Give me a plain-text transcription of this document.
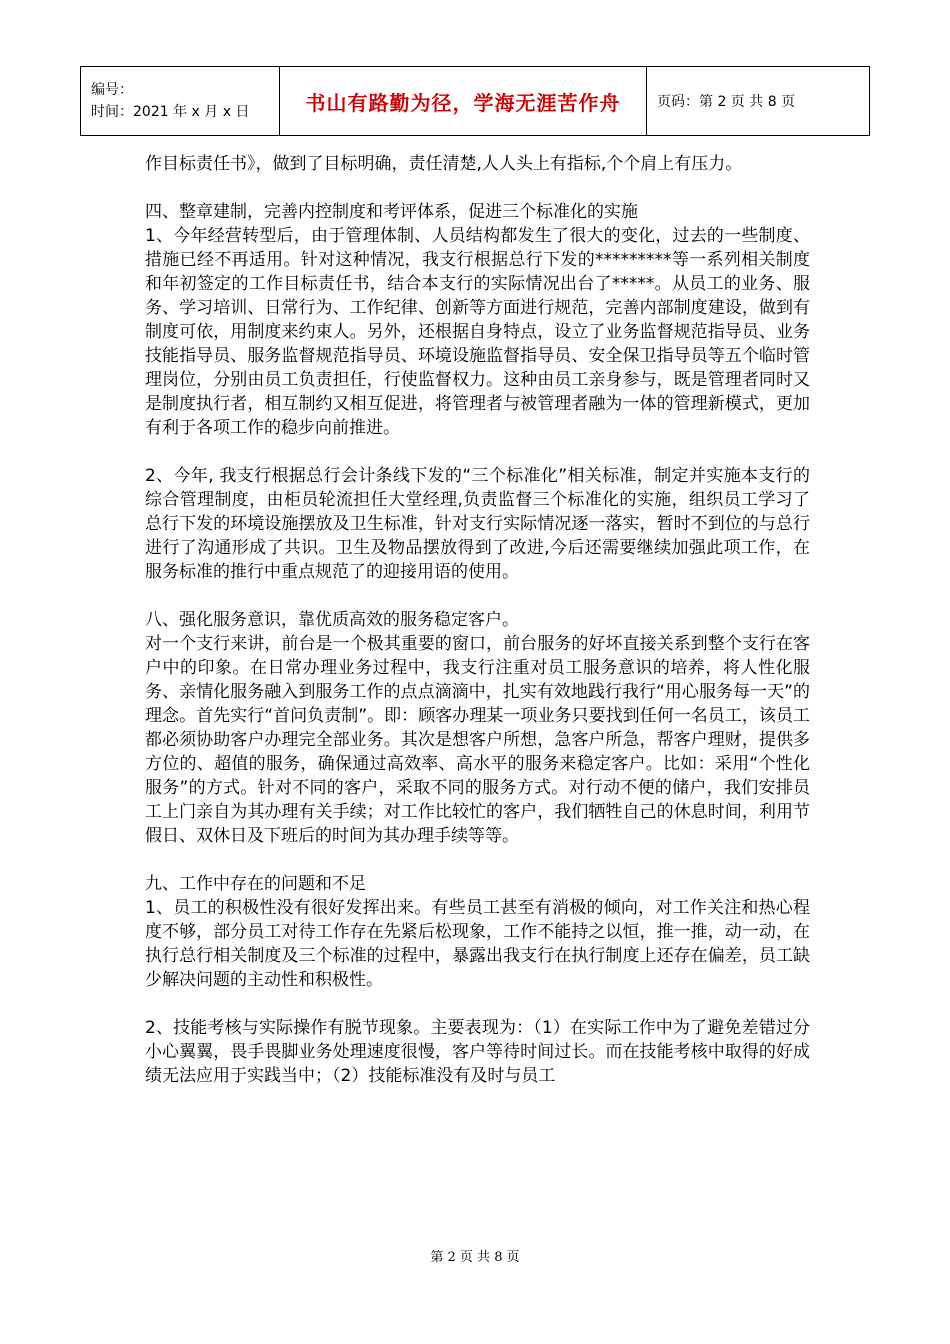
编号：
时间：2021 年 x 月 x 日	书山有路勤为径，学海无涯苦作舟	页码：第 2 页 共 8 页

作目标责任书》，做到了目标明确，责任清楚,人人头上有指标,个个肩上有压力。

四、整章建制，完善内控制度和考评体系，促进三个标准化的实施

1、今年经营转型后，由于管理体制、人员结构都发生了很大的变化，过去的一些制度、措施已经不再适用。针对这种情况，我支行根据总行下发的*********等一系列相关制度和年初签定的工作目标责任书，结合本支行的实际情况出台了*****。从员工的业务、服务、学习培训、日常行为、工作纪律、创新等方面进行规范，完善内部制度建设，做到有制度可依，用制度来约束人。另外，还根据自身特点，设立了业务监督规范指导员、业务技能指导员、服务监督规范指导员、环境设施监督指导员、安全保卫指导员等五个临时管理岗位，分别由员工负责担任，行使监督权力。这种由员工亲身参与，既是管理者同时又是制度执行者，相互制约又相互促进，将管理者与被管理者融为一体的管理新模式，更加有利于各项工作的稳步向前推进。

2、今年, 我支行根据总行会计条线下发的“三个标准化”相关标准，制定并实施本支行的综合管理制度，由柜员轮流担任大堂经理,负责监督三个标准化的实施，组织员工学习了总行下发的环境设施摆放及卫生标准，针对支行实际情况逐一落实，暂时不到位的与总行进行了沟通形成了共识。卫生及物品摆放得到了改进,今后还需要继续加强此项工作，在服务标准的推行中重点规范了的迎接用语的使用。

八、强化服务意识，靠优质高效的服务稳定客户。

对一个支行来讲，前台是一个极其重要的窗口，前台服务的好坏直接关系到整个支行在客户中的印象。在日常办理业务过程中，我支行注重对员工服务意识的培养，将人性化服务、亲情化服务融入到服务工作的点点滴滴中，扎实有效地践行我行“用心服务每一天”的理念。首先实行“首问负责制”。即：顾客办理某一项业务只要找到任何一名员工，该员工都必须协助客户办理完全部业务。其次是想客户所想，急客户所急，帮客户理财，提供多方位的、超值的服务，确保通过高效率、高水平的服务来稳定客户。比如：采用“个性化服务”的方式。针对不同的客户，采取不同的服务方式。对行动不便的储户，我们安排员工上门亲自为其办理有关手续；对工作比较忙的客户，我们牺牲自己的休息时间，利用节假日、双休日及下班后的时间为其办理手续等等。

九、工作中存在的问题和不足

1、员工的积极性没有很好发挥出来。有些员工甚至有消极的倾向，对工作关注和热心程度不够，部分员工对待工作存在先紧后松现象，工作不能持之以恒，推一推，动一动，在执行总行相关制度及三个标准的过程中，暴露出我支行在执行制度上还存在偏差，员工缺少解决问题的主动性和积极性。

2、技能考核与实际操作有脱节现象。主要表现为：（1）在实际工作中为了避免差错过分小心翼翼，畏手畏脚业务处理速度很慢，客户等待时间过长。而在技能考核中取得的好成绩无法应用于实践当中；（2）技能标准没有及时与员工

第 2 页 共 8 页
